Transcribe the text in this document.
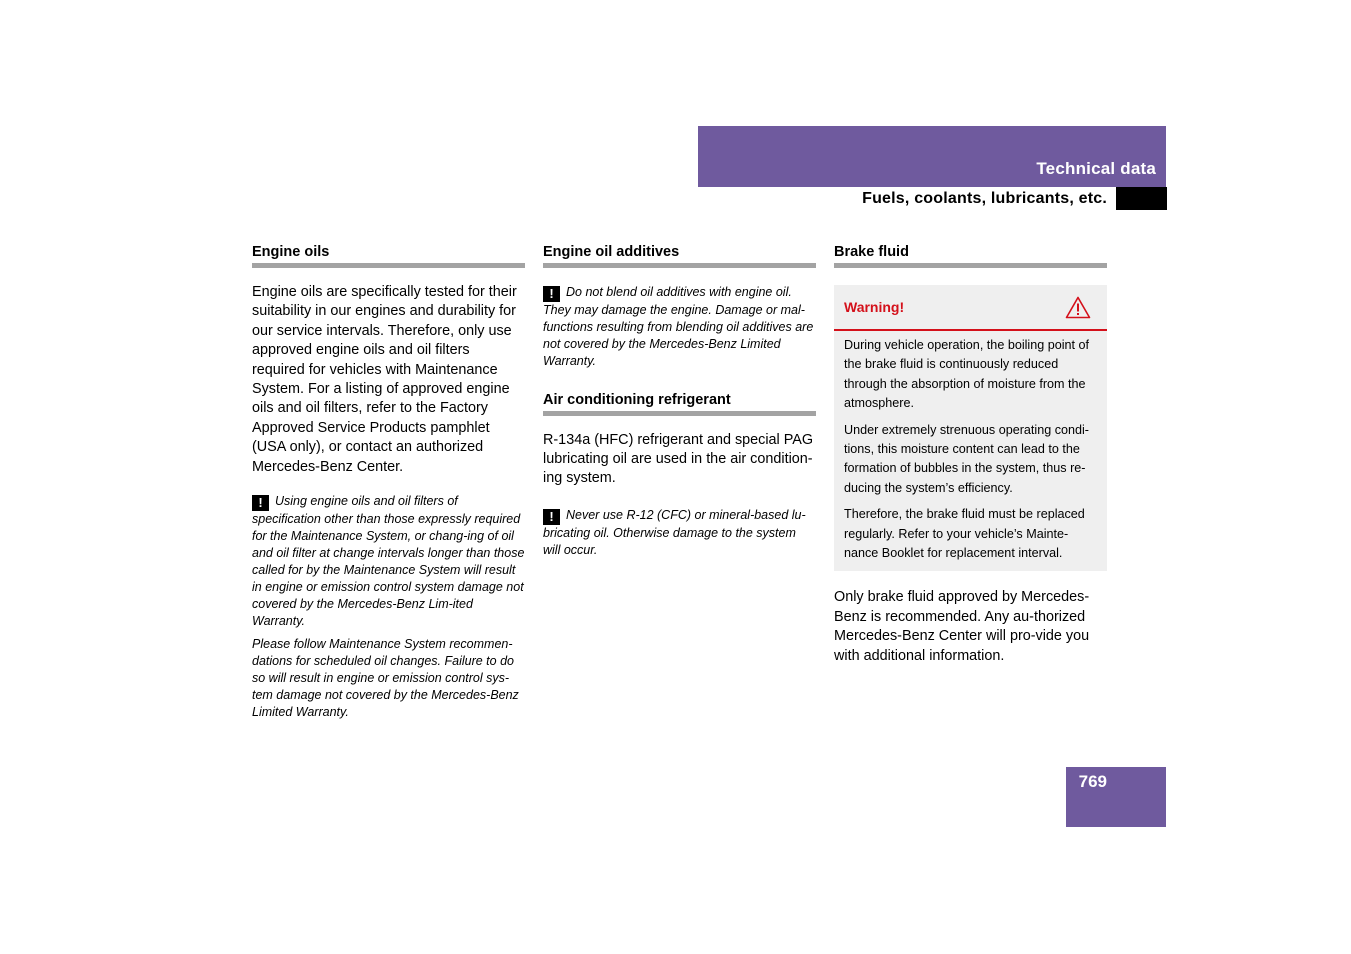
Technical data
Fuels, coolants, lubricants, etc.
Engine oils

Engine oils are specifically tested for their suitability in our engines and durability for our service intervals. Therefore, only use approved engine oils and oil filters required for vehicles with Maintenance System. For a listing of approved engine oils and oil filters, refer to the Factory Approved Service Products pamphlet (USA only), or contact an authorized Mercedes-Benz Center.

! Using engine oils and oil filters of specification other than those expressly required for the Maintenance System, or chang-ing of oil and oil filter at change intervals longer than those called for by the Maintenance System will result in engine or emission control system damage not covered by the Mercedes-Benz Lim-ited Warranty.

Please follow Maintenance System recommen-dations for scheduled oil changes. Failure to do so will result in engine or emission control sys-tem damage not covered by the Mercedes-Benz Limited Warranty.

Engine oil additives

! Do not blend oil additives with engine oil. They may damage the engine. Damage or mal-functions resulting from blending oil additives are not covered by the Mercedes-Benz Limited Warranty.

Air conditioning refrigerant

R-134a (HFC) refrigerant and special PAG lubricating oil are used in the air condition-ing system.

! Never use R-12 (CFC) or mineral-based lu-bricating oil. Otherwise damage to the system will occur.

Brake fluid
Warning!

During vehicle operation, the boiling point of the brake fluid is continuously reduced through the absorption of moisture from the atmosphere.

Under extremely strenuous operating condi-tions, this moisture content can lead to the formation of bubbles in the system, thus re-ducing the system’s efficiency.

Therefore, the brake fluid must be replaced regularly. Refer to your vehicle’s Mainte-nance Booklet for replacement interval.

Only brake fluid approved by Mercedes-Benz is recommended. Any au-thorized Mercedes-Benz Center will pro-vide you with additional information.

769
